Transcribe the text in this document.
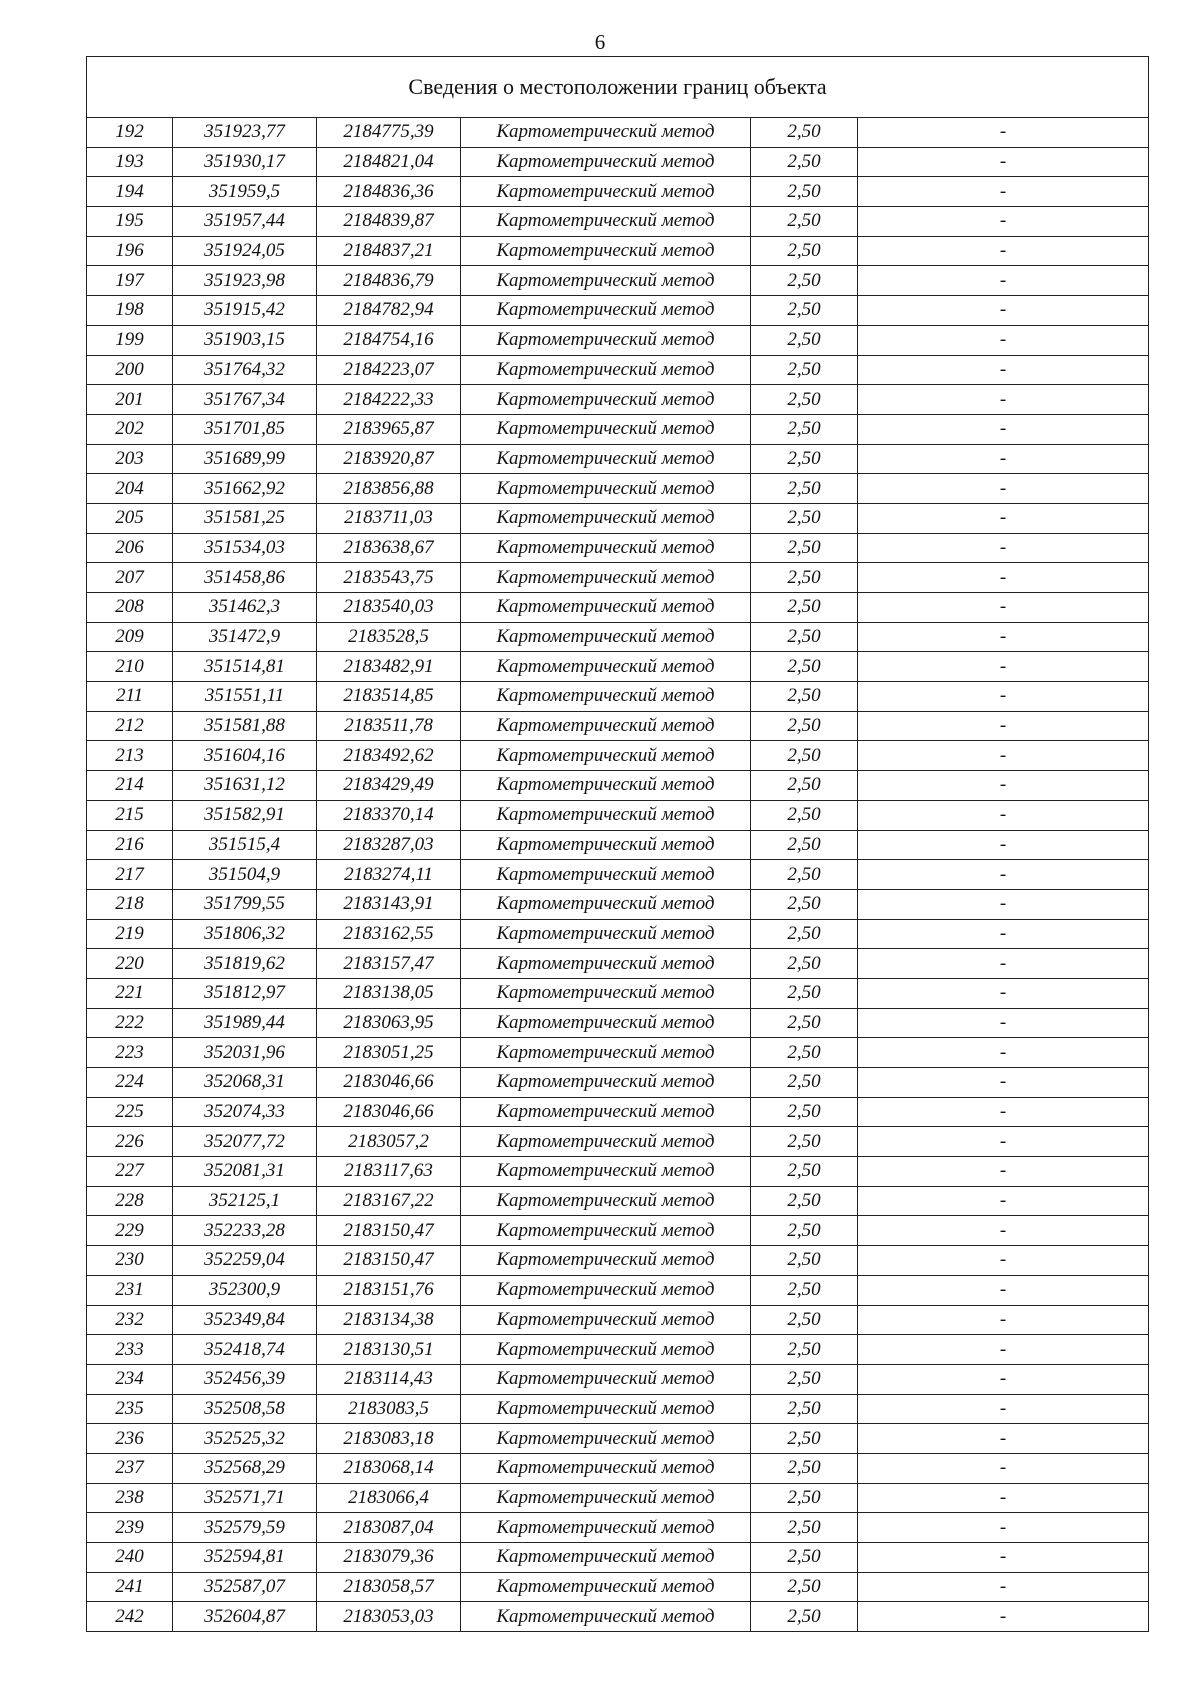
6
Сведения о местоположении границ объекта					
192	351923,77	2184775,39	Картометрический метод	2,50	-
193	351930,17	2184821,04	Картометрический метод	2,50	-
194	351959,5	2184836,36	Картометрический метод	2,50	-
195	351957,44	2184839,87	Картометрический метод	2,50	-
196	351924,05	2184837,21	Картометрический метод	2,50	-
197	351923,98	2184836,79	Картометрический метод	2,50	-
198	351915,42	2184782,94	Картометрический метод	2,50	-
199	351903,15	2184754,16	Картометрический метод	2,50	-
200	351764,32	2184223,07	Картометрический метод	2,50	-
201	351767,34	2184222,33	Картометрический метод	2,50	-
202	351701,85	2183965,87	Картометрический метод	2,50	-
203	351689,99	2183920,87	Картометрический метод	2,50	-
204	351662,92	2183856,88	Картометрический метод	2,50	-
205	351581,25	2183711,03	Картометрический метод	2,50	-
206	351534,03	2183638,67	Картометрический метод	2,50	-
207	351458,86	2183543,75	Картометрический метод	2,50	-
208	351462,3	2183540,03	Картометрический метод	2,50	-
209	351472,9	2183528,5	Картометрический метод	2,50	-
210	351514,81	2183482,91	Картометрический метод	2,50	-
211	351551,11	2183514,85	Картометрический метод	2,50	-
212	351581,88	2183511,78	Картометрический метод	2,50	-
213	351604,16	2183492,62	Картометрический метод	2,50	-
214	351631,12	2183429,49	Картометрический метод	2,50	-
215	351582,91	2183370,14	Картометрический метод	2,50	-
216	351515,4	2183287,03	Картометрический метод	2,50	-
217	351504,9	2183274,11	Картометрический метод	2,50	-
218	351799,55	2183143,91	Картометрический метод	2,50	-
219	351806,32	2183162,55	Картометрический метод	2,50	-
220	351819,62	2183157,47	Картометрический метод	2,50	-
221	351812,97	2183138,05	Картометрический метод	2,50	-
222	351989,44	2183063,95	Картометрический метод	2,50	-
223	352031,96	2183051,25	Картометрический метод	2,50	-
224	352068,31	2183046,66	Картометрический метод	2,50	-
225	352074,33	2183046,66	Картометрический метод	2,50	-
226	352077,72	2183057,2	Картометрический метод	2,50	-
227	352081,31	2183117,63	Картометрический метод	2,50	-
228	352125,1	2183167,22	Картометрический метод	2,50	-
229	352233,28	2183150,47	Картометрический метод	2,50	-
230	352259,04	2183150,47	Картометрический метод	2,50	-
231	352300,9	2183151,76	Картометрический метод	2,50	-
232	352349,84	2183134,38	Картометрический метод	2,50	-
233	352418,74	2183130,51	Картометрический метод	2,50	-
234	352456,39	2183114,43	Картометрический метод	2,50	-
235	352508,58	2183083,5	Картометрический метод	2,50	-
236	352525,32	2183083,18	Картометрический метод	2,50	-
237	352568,29	2183068,14	Картометрический метод	2,50	-
238	352571,71	2183066,4	Картометрический метод	2,50	-
239	352579,59	2183087,04	Картометрический метод	2,50	-
240	352594,81	2183079,36	Картометрический метод	2,50	-
241	352587,07	2183058,57	Картометрический метод	2,50	-
242	352604,87	2183053,03	Картометрический метод	2,50	-
